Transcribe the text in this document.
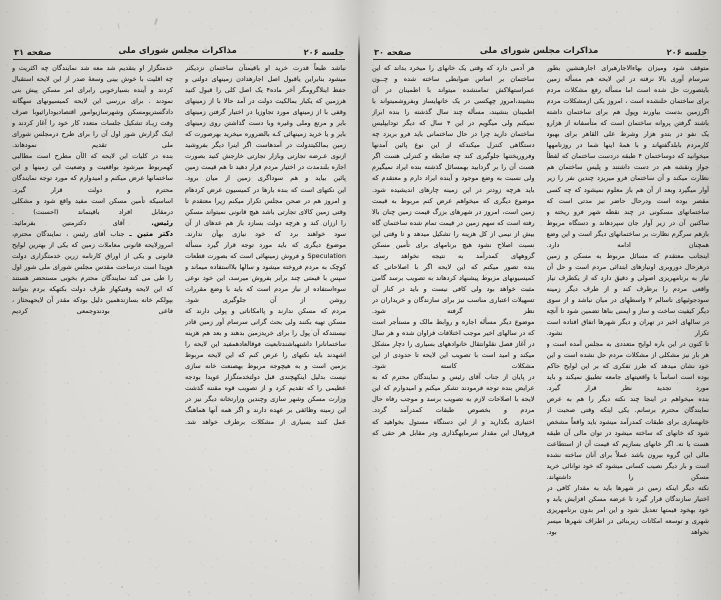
جلسه ۲۰۶
مذاکرات مجلس شورای ملی
صفحه ۳۰

متوقف شود ومیزان بهاءالاجارهبرای اجارهنشین بطور سرسام آوری بالا نرفته در این لایحه هم مسأله زمین بایتصورت حل شده است اما مسأله رفع مشکلات مردم برای ساختمان حلنشده است ، امروز یکی ازمشکلات مردم اگرزمین بدست بیاورند وپول هم برای ساختمان داشته باشند گرفتن پروانه ساختمان است که متأسفانه از هزارو یک نفو در بتدو هزار وشرط علی القاهر برای بهبود کارمردم بابلدگفتهاند و با همهٔ اینها شما در روزنامهها میخوانید که دوساختمان ۴ طبقه دردست ساختمان که لفظاً جواز ونقشه هم در دست داشتند و پلیس ساختمان هم نظارت میکند و آن ساختمان فرو میریزد چندین نفر را زیر آوار میگیرد وبعد از آن هم باز معلوم نمیشود که چه کسی مقصر بوده است ودرحال حاضر نیز مدتی است که ساختمانهای مسکونی در چند نقطه شهر فرو ریخته و ساکنین آن در زیر آوار جان سپردهاند و دستگاه مربوط بازهم سرگرم نظارت بر ساختمانهای دیگر است و این وضع همچنان ادامه دارد.

اینجانب معتقدم که مسائل مربوط به مسکن و زمین درهرحال دوروبری اونیازهای ابتدائی مردم است و حل آن نیاز به برنامهریزی اصولی و دقیق دارد که از یکطرف نیاز واقعی مردم را برطرف کند و از طرف دیگر زمینه سودجوئیهای ناسالم ۲ واسطهای در میان نباشد و از سوی دیگر کیفیت ساخت و ساز و ایمنی بناها تضمین شود تا آنچه در سالهای اخیر در تهران و دیگر شهرها اتفاق افتاده است تکرار نشود.

تا کنون در این باره لوایح متعددی به مجلس آمده است و هر بار نیز مشکلی از مشکلات مردم حل نشده است و این خود نشان میدهد که طرز تفکری که بر این لوایح حاکم بوده است اساساً با واقعیتهای جامعه تطبیق نمیکند و باید مورد تجدید نظر قرار گیرد.

بنده میخواهم در اینجا چند نکته دیگر را هم به عرض نمایندگان محترم برسانم. یکی اینکه وقتی صحبت از خانهسازی برای طبقات کمدرآمد میشود باید واقعاً مشخص شود که خانهای که ساخته میشود در توان مالی آن طبقه هست یا نه. اگر خانهای بسازیم که قیمت آن از استطاعت مالی این گروه بیرون باشد عملاً برای آنان ساخته نشده است و بار دیگر نصیب کسانی میشود که خود توانائی خرید مسکن را داشتهاند.

نکته دیگر اینکه زمین در شهرها باید به مقدار کافی در اختیار سازندگان قرار گیرد تا عرضه مسکن افزایش یابد و خود بهخود قیمتها تعدیل شود و این امر بدون برنامهریزی شهری و توسعه امکانات زیربنائی در اطراف شهرها میسر نخواهد بود.

هر آدمی دارد که وقتی یک خانهای را میخرد بداند که این ساختمان بر اساس ضوابطی ساخته شده و چــون عمراستهلاکش تمامنشده میتواند با اطمینان در آن بنشیند،امروز چهکسی در یک خانهایساز وبفروشمیتواند با اطمینان بنشیند، مسأله چند سال گذشته را بنده ابراز نمیکنم ولی میگویم در این ۴ سال که دیگر تودایپلیس ساختمان دارید چرا در حال ساختمانی باید فرو بریزد چه دستگاهی کنترل میکندکه از این نوع پائین آمدنها وفروریختنها جلوگیری کند چه ضابطه و کنترلی هست اگر هست آن را بر گردابید بهمسائل گذشته بنده ایراد نمیگیرم ولی نسبت به وضع موجود و آینده ایراد دارم و معتقدم که باید هرچه زودتر در این زمینه چارهای اندیشیده شود.

موضوع دیگری که میخواهم عرض کنم مربوط به قیمت زمین است، امروز در شهرهای بزرگ قیمت زمین چنان بالا رفته است که سهم زمین در قیمت تمام شده ساختمان گاه بیش از نیمی از کل هزینه را تشکیل میدهد و تا وقتی این نسبت اصلاح نشود هیچ برنامهای برای تأمین مسکن گروههای کمدرآمد به نتیجه نخواهد رسید.

بنده تصور میکنم که این لایحه اگر با اصلاحاتی که کمیسیونهای مربوط پیشنهاد کردهاند به تصویب برسد گامی مثبت خواهد بود ولی کافی نیست و باید در کنار آن تسهیلات اعتباری مناسب نیز برای سازندگان و خریداران در نظر گرفته شود.

موضوع دیگر مسأله اجاره و روابط مالک و مستأجر است که در سالهای اخیر موجب اختلافات فراوان شده و هر سال در آغاز فصل نقلوانتقال خانوادههای بسیاری را دچار مشکل میکند و امید است با تصویب این لایحه تا حدودی از این مشکلات کاسته شود.

در پایان از جناب آقای رئیس و نمایندگان محترم که به عرایض بنده توجه فرمودند تشکر میکنم و امیدوارم که این لایحه با اصلاحات لازم به تصویب برسد و موجب رفاه حال مردم و بخصوص طبقات کمدرآمد گردد.

اختیاری بگذارید و از این دستگاه مستول بخواهید که فروقبال این مقدار سرمایهگذاری ودر مقابل هر حقی که

جلسه ۲۰۶
مذاکرات مجلس شورای ملی
صفحه ۳۱

نباشد طبعاً قدرت خرید او باقیمتآن ساختمان نزدیکتر میشود بنابراین یاقبول اصل اجارهدادن زمینهای دولتی و حفظ اینلاگرومگر آخر ماده۴ یک اصل کلی را قبول کنید هرزمین که یکبار بمالکیت دولت در آمد حالا با از زمینهای وقفی با از زمینهای مورد تجاوزیا در اختیار گرفتن زمینهای بایر و مرتع وملی وغیره وبا دست گذاشتن روی زمینهای بایر و یا خرید زمینهائی کـه بالضروره میخرید بهرصورت که زمین بمالکیتدولت در آمدهاست اگر اینرا دیگر بفروشید ازنوی عـرضه تجارتی وبازار تجارتی خارجش کنید بصورت اجاره بلندمدت در اختیار مردم قرار دهید تا هم قیمت زمین پائین بیاید و هم سوداگری زمین از میان برود.

این نکتهای است که بنده بارها در کمیسیون عرض کردهام و امروز هم در صحن مجلس تکرار میکنم زیرا معتقدم تا وقتی زمین کالای تجارتی باشد هیچ قانونی نمیتواند مسکن را ارزان کند و هرچه دولت بسازد باز هم عدهای از آن سود خواهند برد که خود نیازی بهآن ندارند.

موضوع دیگری که باید مورد توجه قرار گیرد مسأله Speculation و فروش زمینهائی است که بصورت قطعات کوچک به مردم فروخته میشود و سالها بلااستفاده میماند و سپس با قیمتی چند برابر بفروش میرسد، این خود نوعی سوءاستفاده از نیاز مردم است که باید با وضع مقررات روشن از آن جلوگیری شود.

مردم که مسکن ندارند و پاامکاناتی و پولی دارند که مسکن تهیه بکنند ولی بحث گرانی سرسام آور زمین قادر نیستندکه آن پول را برای خریدزمین بدهند و بعد هم هزینه ساختمانانرا داشتهباشندتابعیت فوقالعادهمفید این لایحه را اشهدند باید نکتهای را عرض کنم که این لایحه مربوط بزمین است و به هیچوجه مربوط بهصنعت خانه سازی نیست بدلیل اینکهچندی قبل دولتخدمتگزار عویدا بودجه عظیمی را که تقدیم کرد و از تصویب قوه مقننه گذشت وزارت مسکن وشهر سازی وچندین وزارتخانه دیگر نیز در این زمینه وظائفی بر عهده دارند و اگر همه آنها هماهنگ عمل کنند بسیاری از مشکلات برطرف خواهد شد.

خدمتگزار او بتقدیم شد معه شد نمایندگان چه اکثریت و چه اقلیت با خوش بینی وسعهٔ صدر از این لایحه استقبال کردند و آینده بسیارخوبی رابرای امر مسکن پیش بنی نمودند . برای بررسی این لایحه کمیسیونهای سهگانه دادگستریومسکن وشهرسازیوامور اقتصادیوداراثیوبا صرف وقت زیـاد تشکیل جلسات متعدد کار خود را آغاز کردند و اینک گزارش شور اول آن را برای طرح درمجلس شورای ملی تقدیم نمودهاند.

بنده در کلیات این لایحه که الآن مطرح است مطالبی کهمربوط میرشود بواقعیت و وضعیت این زمینها و این ساختمانها عرض میکنم و امیدوارم که مورد توجه نمایندگان محترم و دولت قرار گیرد.

اساسیکه تأمین مسکن است مفید واقع شود و مشکلی درمقابل افراد باقینماند (احسنت) .

رئیس. آقای دکترمتین بفرمائید.

دکتر متین ـ جناب آقای رئیس ، نمایندگان محترم، امروزلایحه قانونی معاملات زمین که یکی از بهترین لوایح قانونی و یکی از اوراق کارنامه زرین خدمتگزاری دولت هویدا است درساحت مقدس مجلس شورای ملی شور اول را طی می کند نمایندگان محترم بخوبی مستحضر هستند که این لایحه وقتیکهاز طرف دولت بکتهکه بردم بتوانند بپولکم خانه بسازندهمین دلیل بودکه مقدر آن لایحهبحثاز ، فاعی بودندوجمعی کردیم
